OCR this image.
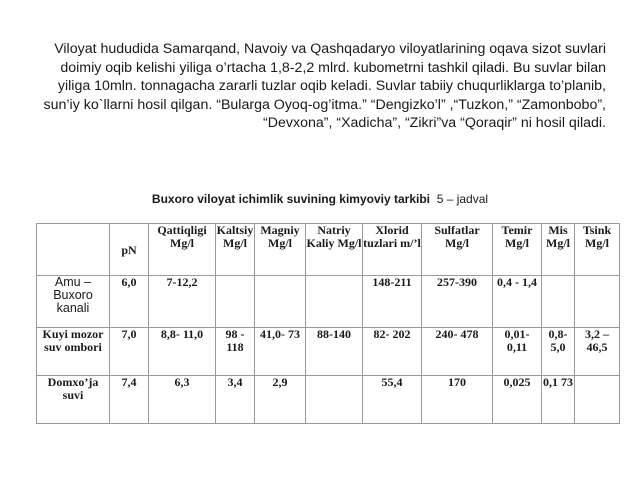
Viloyat hududida Samarqand, Navoiy va Qashqadaryo viloyatlarining oqava sizot suvlari doimiy oqib kelishi yiliga o’rtacha 1,8-2,2 mlrd. kubometrni tashkil qiladi. Bu suvlar bilan yiliga 10mln. tonnagacha zararli tuzlar oqib keladi. Suvlar tabiiy chuqurliklarga to’planib, sun’iy ko`llarni hosil qilgan. “Bularga Oyoq-og’itma.” “Dengizko’l” ,“Tuzkon,” “Zamonbobo”, “Devxona”, “Xadicha”, “Zikri”va “Qoraqir” ni hosil qiladi.

Buxoro viloyat ichimlik suvining kimyoviy tarkibi 5 – jadval
	pN	Qattiqligi Mg/l	Kaltsiy Mg/l	Magniy Mg/l	Natriy Kaliy Mg/l	Xlorid tuzlari m/’l	Sulfatlar Mg/l	Temir Mg/l	Mis Mg/l	Tsink Mg/l
Amu – Buxoro kanali	6,0	7-12,2				148-211	257-390	0,4 - 1,4		
Kuyi mozor suv ombori	7,0	8,8- 11,0	98 - 118	41,0- 73	88-140	82- 202	240- 478	0,01- 0,11	0,8- 5,0	3,2 – 46,5
Domxo’ja suvi	7,4	6,3	3,4	2,9		55,4	170	0,025	0,1 73	
